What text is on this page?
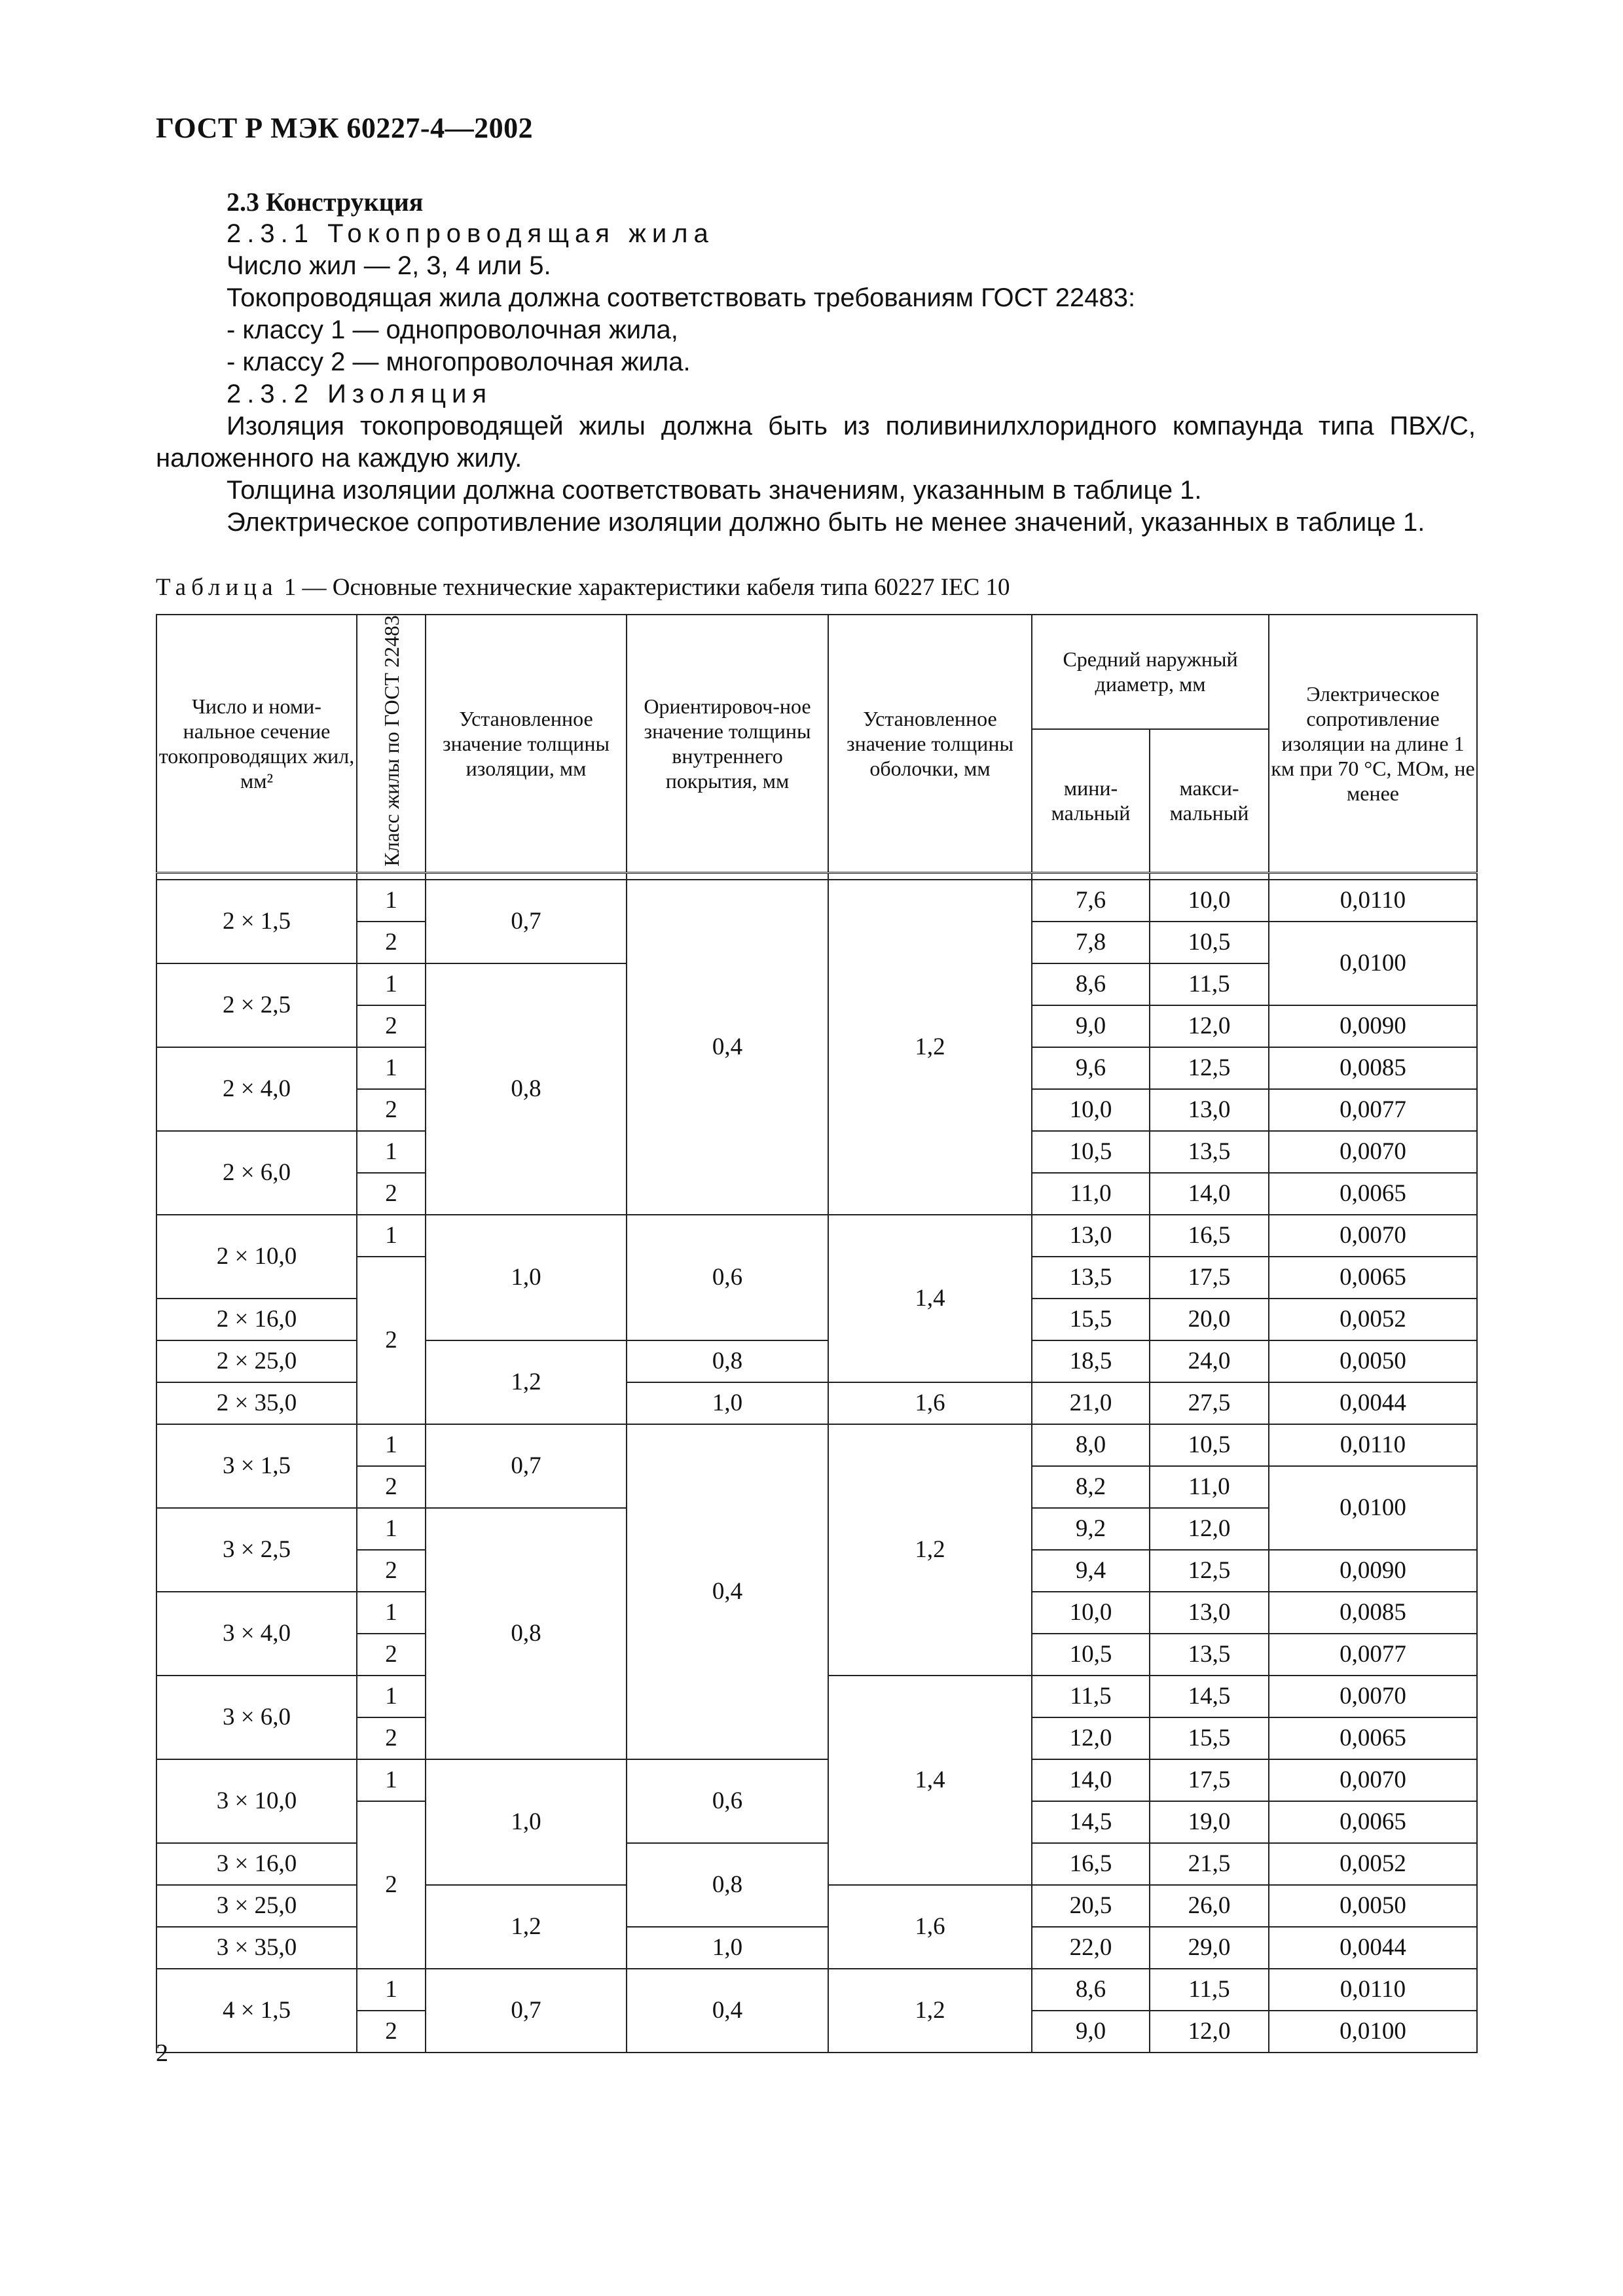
ГОСТ Р МЭК 60227-4—2002

2.3 Конструкция

2.3.1 Токопроводящая жила

Число жил — 2, 3, 4 или 5.

Токопроводящая жила должна соответствовать требованиям ГОСТ 22483:

- классу 1 — однопроволочная жила,

- классу 2 — многопроволочная жила.

2.3.2 Изоляция

Изоляция токопроводящей жилы должна быть из поливинилхлоридного компаунда типа ПВХ/С, наложенного на каждую жилу.

Толщина изоляции должна соответствовать значениям, указанным в таблице 1.

Электрическое сопротивление изоляции должно быть не менее значений, указанных в таблице 1.

Таблица 1 — Основные технические характеристики кабеля типа 60227 IEC 10
Число и номи-нальное сечение токопроводящих жил, мм²	Класс жилы по ГОСТ 22483	Установленное значение толщины изоляции, мм	Ориентировоч-ное значение толщины внутреннего покрытия, мм	Установленное значение толщины оболочки, мм	Средний наружный диаметр, мм		Электрическое сопротивление изоляции на длине 1 км при 70 °С, МОм, не менее
					мини-мальный	макси-мальный	

2 × 1,5	1	0,7	0,4	1,2	7,6	10,0	0,0110
	2				7,8	10,5	0,0100
2 × 2,5	1	0,8			8,6	11,5	
	2				9,0	12,0	0,0090
2 × 4,0	1				9,6	12,5	0,0085
	2				10,0	13,0	0,0077
2 × 6,0	1				10,5	13,5	0,0070
	2				11,0	14,0	0,0065
2 × 10,0	1	1,0	0,6	1,4	13,0	16,5	0,0070
	2				13,5	17,5	0,0065
2 × 16,0					15,5	20,0	0,0052
2 × 25,0		1,2	0,8		18,5	24,0	0,0050
2 × 35,0			1,0	1,6	21,0	27,5	0,0044
3 × 1,5	1	0,7	0,4	1,2	8,0	10,5	0,0110
	2				8,2	11,0	0,0100
3 × 2,5	1	0,8			9,2	12,0	
	2				9,4	12,5	0,0090
3 × 4,0	1				10,0	13,0	0,0085
	2				10,5	13,5	0,0077
3 × 6,0	1			1,4	11,5	14,5	0,0070
	2				12,0	15,5	0,0065
3 × 10,0	1	1,0	0,6		14,0	17,5	0,0070
	2				14,5	19,0	0,0065
3 × 16,0			0,8		16,5	21,5	0,0052
3 × 25,0		1,2		1,6	20,5	26,0	0,0050
3 × 35,0			1,0		22,0	29,0	0,0044
4 × 1,5	1	0,7	0,4	1,2	8,6	11,5	0,0110
	2				9,0	12,0	0,0100
2
